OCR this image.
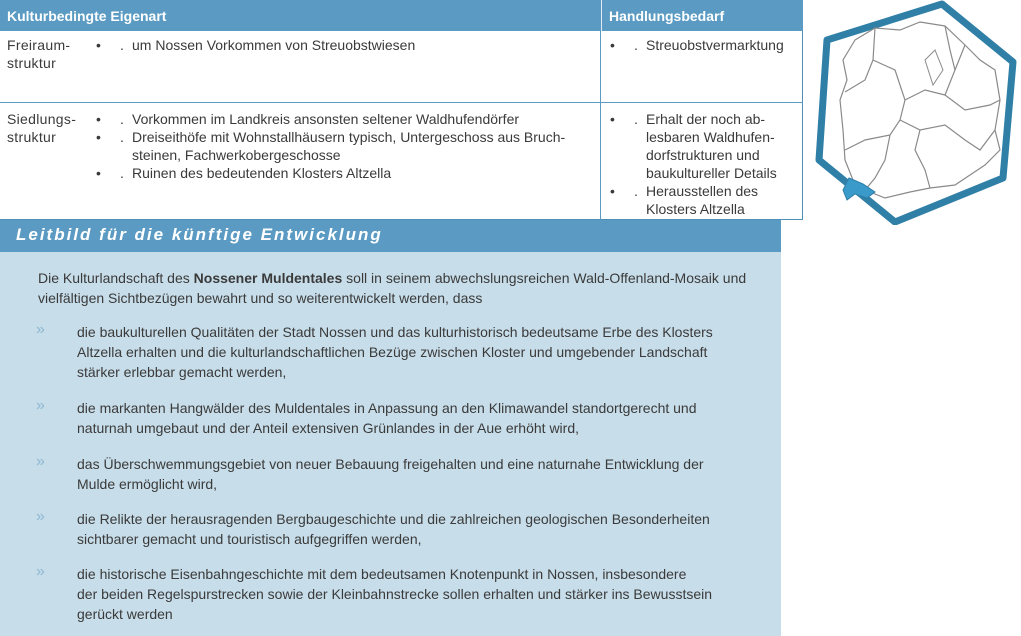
Kulturbedingte Eigenart	Handlungsbedarf
Freiraum-
struktur
• . um Nossen Vorkommen von Streuobstwiesen	• . Streuobstvermarktung
Siedlungs-
struktur
• . Vorkommen im Landkreis ansonsten seltener Waldhufendörfer
• . Dreiseithöfe mit Wohnstallhäusern typisch, Untergeschoss aus Bruch-
steinen, Fachwerkobergeschosse
• . Ruinen des bedeutenden Klosters Altzella
• . Erhalt der noch ab-
lesbaren Waldhufen-
dorfstrukturen und
baukultureller Details
• . Herausstellen des
Klosters Altzella
Leitbild für die künftige Entwicklung
Die Kulturlandschaft des Nossener Muldentales soll in seinem abwechslungsreichen Wald-Offenland-Mosaik und
vielfältigen Sichtbezügen bewahrt und so weiterentwickelt werden, dass
» die baukulturellen Qualitäten der Stadt Nossen und das kulturhistorisch bedeutsame Erbe des Klosters
Altzella erhalten und die kulturlandschaftlichen Bezüge zwischen Kloster und umgebender Landschaft
stärker erlebbar gemacht werden,
» die markanten Hangwälder des Muldentales in Anpassung an den Klimawandel standortgerecht und
naturnah umgebaut und der Anteil extensiven Grünlandes in der Aue erhöht wird,
» das Überschwemmungsgebiet von neuer Bebauung freigehalten und eine naturnahe Entwicklung der
Mulde ermöglicht wird,
» die Relikte der herausragenden Bergbaugeschichte und die zahlreichen geologischen Besonderheiten
sichtbarer gemacht und touristisch aufgegriffen werden,
» die historische Eisenbahngeschichte mit dem bedeutsamen Knotenpunkt in Nossen, insbesondere
der beiden Regelspurstrecken sowie der Kleinbahnstrecke sollen erhalten und stärker ins Bewusstsein
gerückt werden
